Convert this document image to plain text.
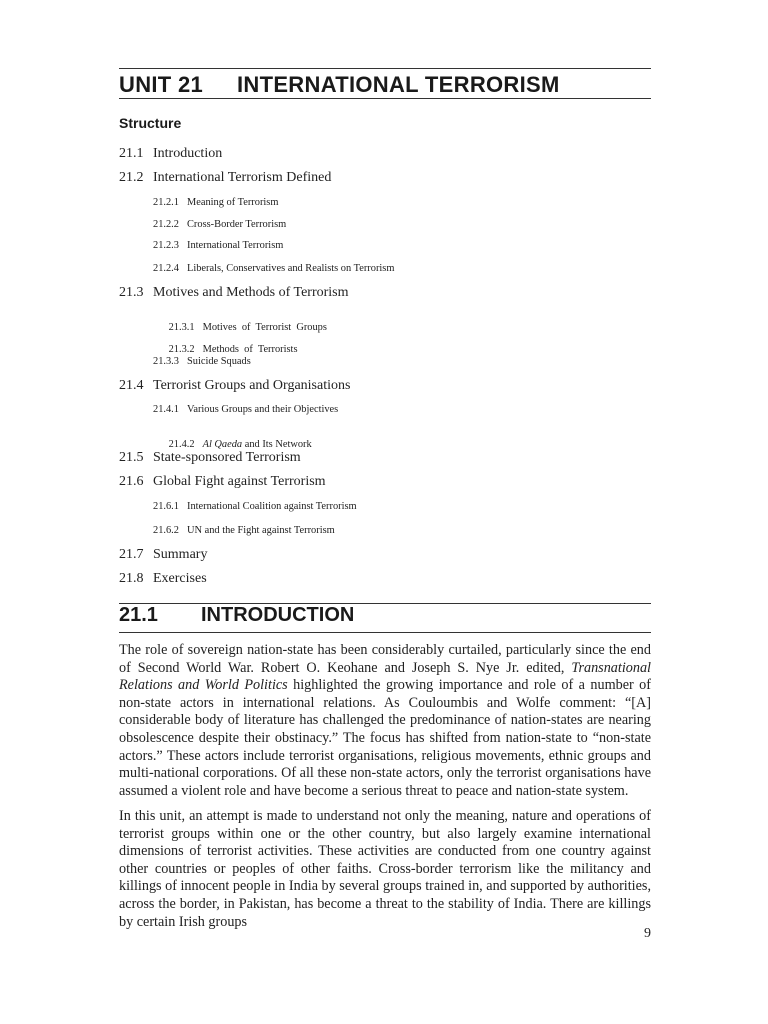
UNIT 21 INTERNATIONAL TERRORISM
Structure
21.1 Introduction
21.2 International Terrorism Defined
21.2.1 Meaning of Terrorism
21.2.2 Cross-Border Terrorism
21.2.3 International Terrorism
21.2.4 Liberals, Conservatives and Realists on Terrorism
21.3 Motives and Methods of Terrorism

21.3.1 Motives  of  Terrorist  Groups

21.3.2 Methods  of  Terrorists

21.3.3 Suicide Squads
21.4 Terrorist Groups and Organisations
21.4.1 Various Groups and their Objectives

21.4.2 Al Qaeda and Its Network

21.5 State-sponsored Terrorism
21.6 Global Fight against Terrorism
21.6.1 International Coalition against Terrorism
21.6.2 UN and the Fight against Terrorism
21.7 Summary
21.8 Exercises
21.1 INTRODUCTION
The role of sovereign nation-state has been considerably curtailed, particularly since the end of Second World War. Robert O. Keohane and Joseph S. Nye Jr. edited, Transnational Relations and World Politics highlighted the growing importance and role of a number of non-state actors in international relations. As Couloumbis and Wolfe comment: “[A] considerable body of literature has challenged the predominance of nation-states are nearing obsolescence despite their obstinacy.” The focus has shifted from nation-state to “non-state actors.” These actors include terrorist organisations, religious movements, ethnic groups and multi-national corporations. Of all these non-state actors, only the terrorist organisations have assumed a violent role and have become a serious threat to peace and nation-state system.
In this unit, an attempt is made to understand not only the meaning, nature and operations of terrorist groups within one or the other country, but also largely examine international dimensions of terrorist activities. These activities are conducted from one country against other countries or peoples of other faiths. Cross-border terrorism like the militancy and killings of innocent people in India by several groups trained in, and supported by authorities, across the border, in Pakistan, has become a threat to the stability of India. There are killings by certain Irish groups
9
